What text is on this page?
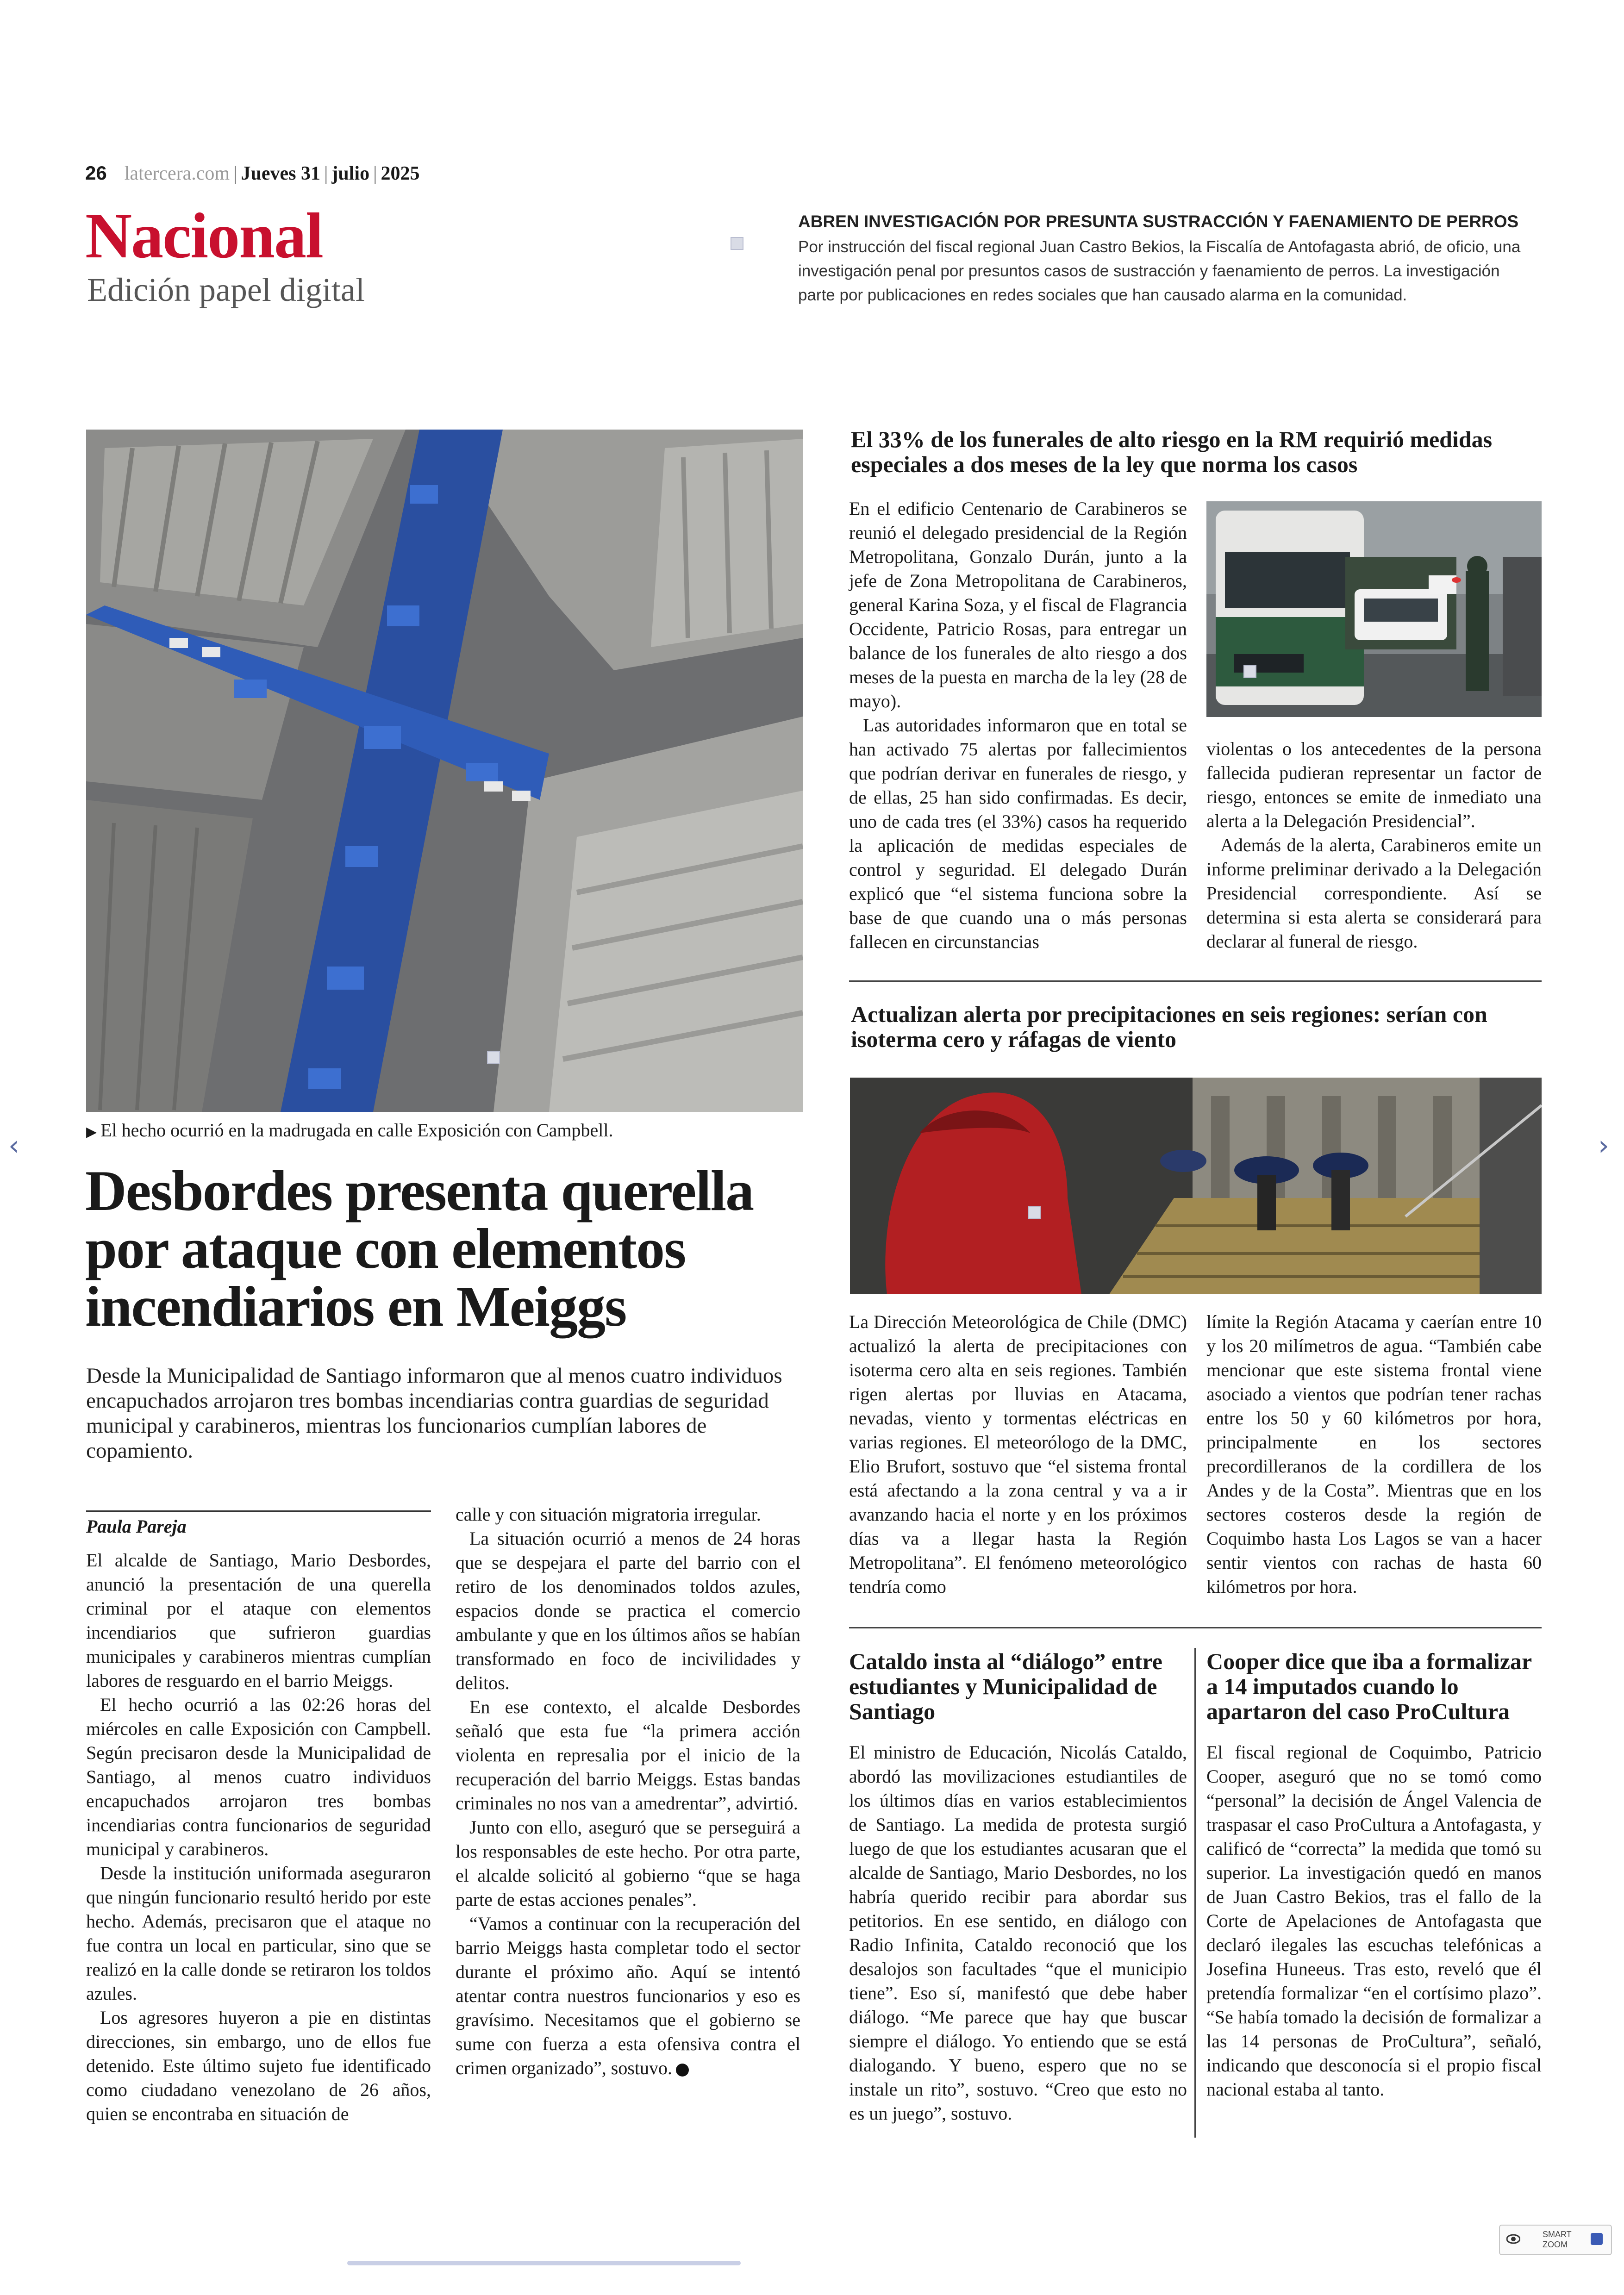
26 latercera.com | Jueves 31 | julio | 2025
Nacional
Edición papel digital
ABREN INVESTIGACIÓN POR PRESUNTA SUSTRACCIÓN Y FAENAMIENTO DE PERROS
Por instrucción del fiscal regional Juan Castro Bekios, la Fiscalía de Antofagasta abrió, de oficio, una investigación penal por presuntos casos de sustracción y faenamiento de perros. La investigación parte por publicaciones en redes sociales que han causado alarma en la comunidad.
▶ El hecho ocurrió en la madrugada en calle Exposición con Campbell.
Desbordes presenta querella por ataque con elementos incendiarios en Meiggs
Desde la Municipalidad de Santiago informaron que al menos cuatro individuos encapuchados arrojaron tres bombas incendiarias contra guardias de seguridad municipal y carabineros, mientras los funcionarios cumplían labores de copamiento.
Paula Pareja

El alcalde de Santiago, Mario Desbordes, anunció la presentación de una querella criminal por el ataque con elementos incendiarios que sufrieron guardias municipales y carabineros mientras cumplían labores de resguardo en el barrio Meiggs.

El hecho ocurrió a las 02:26 horas del miércoles en calle Exposición con Campbell. Según precisaron desde la Municipalidad de Santiago, al menos cuatro individuos encapuchados arrojaron tres bombas incendiarias contra funcionarios de seguridad municipal y carabineros.

Desde la institución uniformada aseguraron que ningún funcionario resultó herido por este hecho. Además, precisaron que el ataque no fue contra un local en particular, sino que se realizó en la calle donde se retiraron los toldos azules.

Los agresores huyeron a pie en distintas direcciones, sin embargo, uno de ellos fue detenido. Este último sujeto fue identificado como ciudadano venezolano de 26 años, quien se encontraba en situación de

calle y con situación migratoria irregular.

La situación ocurrió a menos de 24 horas que se despejara el parte del barrio con el retiro de los denominados toldos azules, espacios donde se practica el comercio ambulante y que en los últimos años se habían transformado en foco de incivilidades y delitos.

En ese contexto, el alcalde Desbordes señaló que esta fue “la primera acción violenta en represalia por el inicio de la recuperación del barrio Meiggs. Estas bandas criminales no nos van a amedrentar”, advirtió.

Junto con ello, aseguró que se perseguirá a los responsables de este hecho. Por otra parte, el alcalde solicitó al gobierno “que se haga parte de estas acciones penales”.

“Vamos a continuar con la recuperación del barrio Meiggs hasta completar todo el sector durante el próximo año. Aquí se intentó atentar contra nuestros funcionarios y eso es gravísimo. Necesitamos que el gobierno se sume con fuerza a esta ofensiva contra el crimen organizado”, sostuvo.

El 33% de los funerales de alto riesgo en la RM requirió medidas especiales a dos meses de la ley que norma los casos

En el edificio Centenario de Carabineros se reunió el delegado presidencial de la Región Metropolitana, Gonzalo Durán, junto a la jefe de Zona Metropolitana de Carabineros, general Karina Soza, y el fiscal de Flagrancia Occidente, Patricio Rosas, para entregar un balance de los funerales de alto riesgo a dos meses de la puesta en marcha de la ley (28 de mayo).

Las autoridades informaron que en total se han activado 75 alertas por fallecimientos que podrían derivar en funerales de riesgo, y de ellas, 25 han sido confirmadas. Es decir, uno de cada tres (el 33%) casos ha requerido la aplicación de medidas especiales de control y seguridad. El delegado Durán explicó que “el sistema funciona sobre la base de que cuando una o más personas fallecen en circunstancias

violentas o los antecedentes de la persona fallecida pudieran representar un factor de riesgo, entonces se emite de inmediato una alerta a la Delegación Presidencial”.

Además de la alerta, Carabineros emite un informe preliminar derivado a la Delegación Presidencial correspondiente. Así se determina si esta alerta se considerará para declarar al funeral de riesgo.

Actualizan alerta por precipitaciones en seis regiones: serían con isoterma cero y ráfagas de viento

La Dirección Meteorológica de Chile (DMC) actualizó la alerta de precipitaciones con isoterma cero alta en seis regiones. También rigen alertas por lluvias en Atacama, nevadas, viento y tormentas eléctricas en varias regiones. El meteorólogo de la DMC, Elio Brufort, sostuvo que “el sistema frontal está afectando a la zona central y va a ir avanzando hacia el norte y en los próximos días va a llegar hasta la Región Metropolitana”. El fenómeno meteorológico tendría como

límite la Región Atacama y caerían entre 10 y los 20 milímetros de agua. “También cabe mencionar que este sistema frontal viene asociado a vientos que podrían tener rachas entre los 50 y 60 kilómetros por hora, principalmente en los sectores precordilleranos de la cordillera de los Andes y de la Costa”. Mientras que en los sectores costeros desde la región de Coquimbo hasta Los Lagos se van a hacer sentir vientos con rachas de hasta 60 kilómetros por hora.

Cataldo insta al “diálogo” entre estudiantes y Municipalidad de Santiago

El ministro de Educación, Nicolás Cataldo, abordó las movilizaciones estudiantiles de los últimos días en varios establecimientos de Santiago. La medida de protesta surgió luego de que los estudiantes acusaran que el alcalde de Santiago, Mario Desbordes, no los habría querido recibir para abordar sus petitorios. En ese sentido, en diálogo con Radio Infinita, Cataldo reconoció que los desalojos son facultades “que el municipio tiene”. Eso sí, manifestó que debe haber diálogo. “Me parece que hay que buscar siempre el diálogo. Yo entiendo que se está dialogando. Y bueno, espero que no se instale un rito”, sostuvo. “Creo que esto no es un juego”, sostuvo.

Cooper dice que iba a formalizar a 14 imputados cuando lo apartaron del caso ProCultura

El fiscal regional de Coquimbo, Patricio Cooper, aseguró que no se tomó como “personal” la decisión de Ángel Valencia de traspasar el caso ProCultura a Antofagasta, y calificó de “correcta” la medida que tomó su superior. La investigación quedó en manos de Juan Castro Bekios, tras el fallo de la Corte de Apelaciones de Antofagasta que declaró ilegales las escuchas telefónicas a Josefina Huneeus. Tras esto, reveló que él pretendía formalizar “en el cortísimo plazo”. “Se había tomado la decisión de formalizar a las 14 personas de ProCultura”, señaló, indicando que desconocía si el propio fiscal nacional estaba al tanto.

‹	›
SMART
ZOOM
